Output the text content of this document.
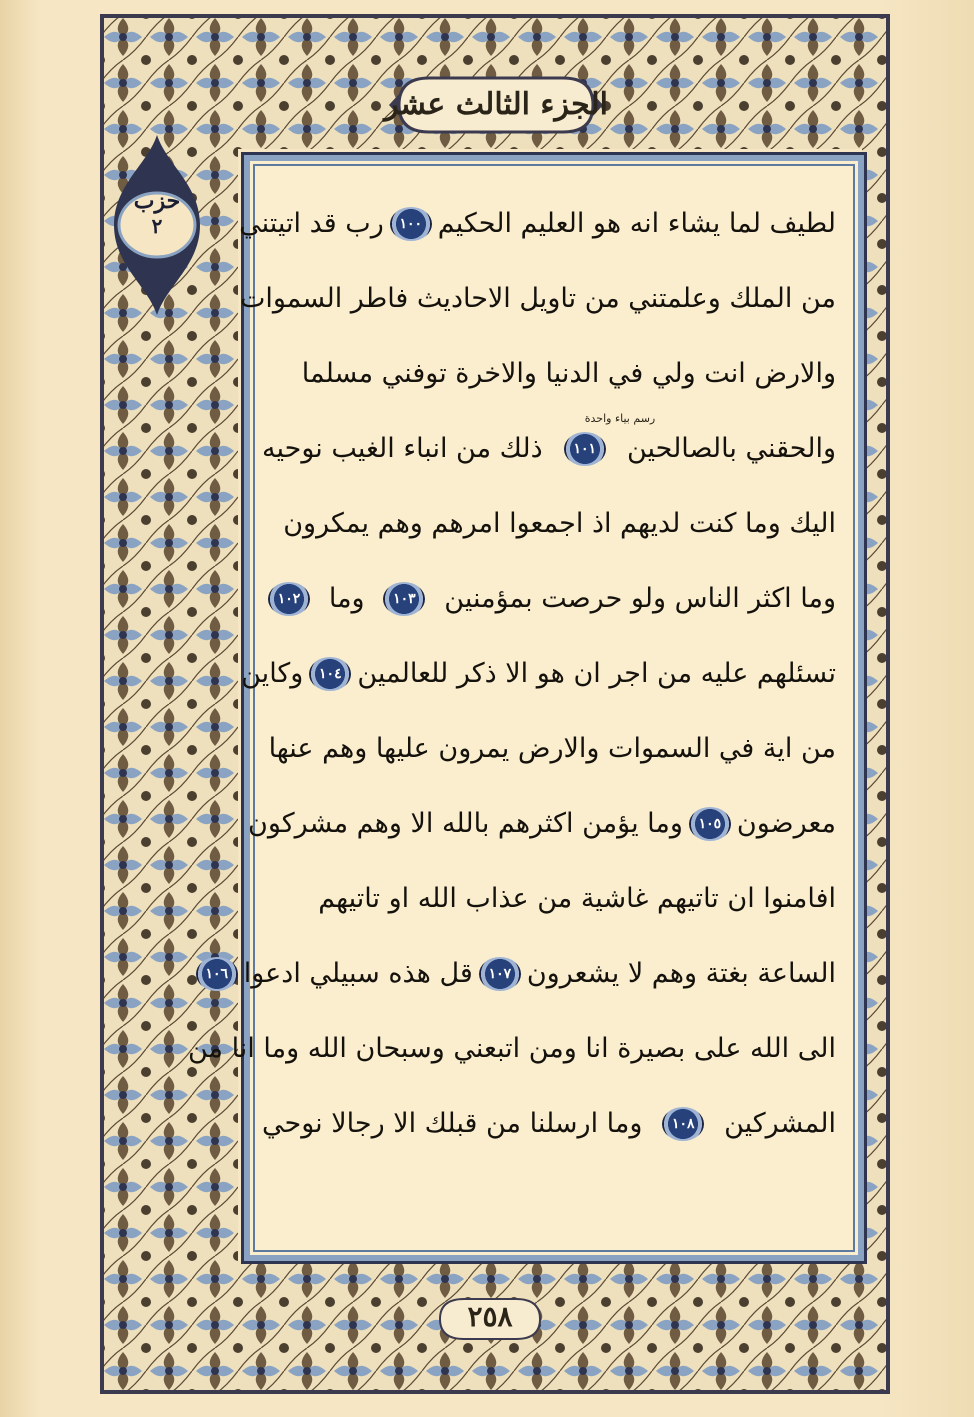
الجزء الثالث عشر
حزب
٢	لطيف لما يشاء انه هو العليم الحكيم
١٠٠
رب قد اتيتني
من الملك وعلمتني من تاويل الاحاديث فاطر السموات
والارض انت ولي في الدنيا والاخرة توفني مسلما
والحقني بالصالحين
١٠١
ذلك من انباء الغيب نوحيه
اليك وما كنت لديهم اذ اجمعوا امرهم وهم يمكرون
وما اكثر الناس ولو حرصت بمؤمنين
١٠٣
وما
١٠٢
تسئلهم عليه من اجر ان هو الا ذكر للعالمين
١٠٤
وكاين
من اية في السموات والارض يمرون عليها وهم عنها
معرضون
١٠٥
وما يؤمن اكثرهم بالله الا وهم مشركون
افامنوا ان تاتيهم غاشية من عذاب الله او تاتيهم
الساعة بغتة وهم لا يشعرون
١٠٧
قل هذه سبيلي ادعوا
١٠٦
الى الله على بصيرة انا ومن اتبعني وسبحان الله وما انا من
المشركين
١٠٨
وما ارسلنا من قبلك الا رجالا نوحي
رسم بياء واحدة
٢٥٨
